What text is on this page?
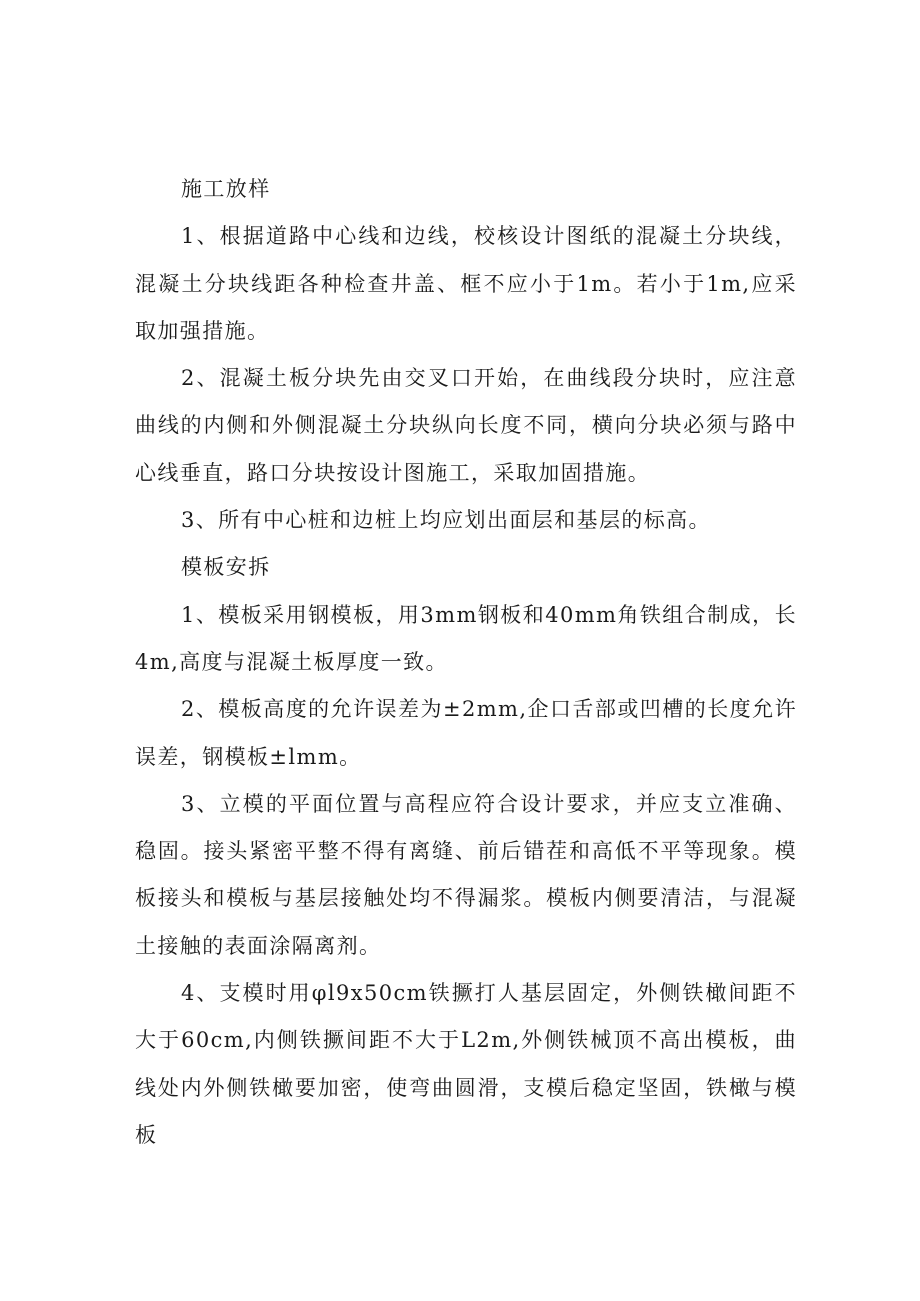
施工放样

1、根据道路中心线和边线，校核设计图纸的混凝土分块线，混凝土分块线距各种检查井盖、框不应小于1m。若小于1m,应采取加强措施。

2、混凝土板分块先由交叉口开始，在曲线段分块时，应注意曲线的内侧和外侧混凝土分块纵向长度不同，横向分块必须与路中心线垂直，路口分块按设计图施工，采取加固措施。

3、所有中心桩和边桩上均应划出面层和基层的标高。

模板安拆

1、模板采用钢模板，用3mm钢板和40mm角铁组合制成，长4m,高度与混凝土板厚度一致。

2、模板高度的允许误差为±2mm,企口舌部或凹槽的长度允许误差，钢模板±lmm。

3、立模的平面位置与高程应符合设计要求，并应支立准确、稳固。接头紧密平整不得有离缝、前后错茬和高低不平等现象。模板接头和模板与基层接触处均不得漏浆。模板内侧要清洁，与混凝土接触的表面涂隔离剂。

4、支模时用φl9x50cm铁撅打人基层固定，外侧铁橄间距不大于60cm,内侧铁撅间距不大于L2m,外侧铁械顶不高出模板，曲线处内外侧铁橄要加密，使弯曲圆滑，支模后稳定坚固，铁橄与模板
